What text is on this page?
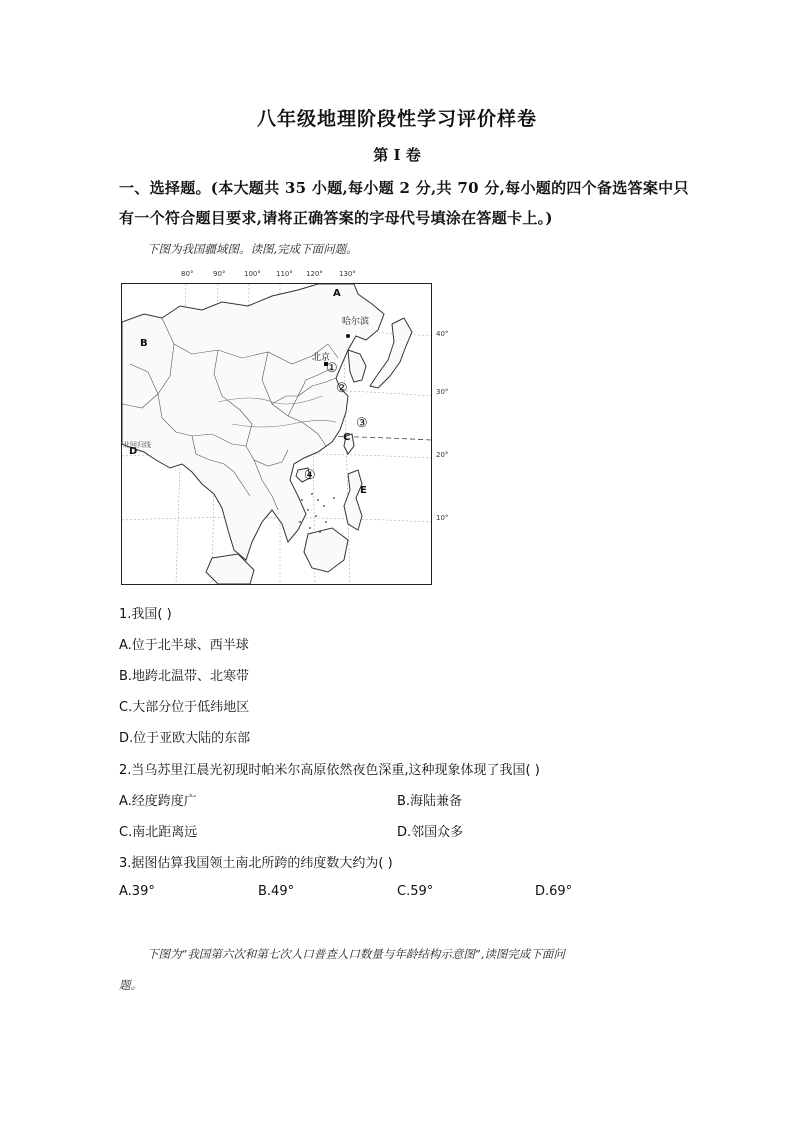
八年级地理阶段性学习评价样卷
第 I 卷
一、选择题。(本大题共 35 小题,每小题 2 分,共 70 分,每小题的四个备选答案中只
有一个符合题目要求,请将正确答案的字母代号填涂在答题卡上。)
下图为我国疆域图。读图,完成下面问题。
80°	90°	100° 110° 120° 130°
40°
30°
20°
10°
哈尔滨
北京
北回归线
A
B
C
D
E
①
②
③
④
1.我国( )
A.位于北半球、西半球
B.地跨北温带、北寒带
C.大部分位于低纬地区
D.位于亚欧大陆的东部
2.当乌苏里江晨光初现时帕米尔高原依然夜色深重,这种现象体现了我国( )
A.经度跨度广	B.海陆兼备
C.南北距离远	D.邻国众多
3.据图估算我国领土南北所跨的纬度数大约为( )
A.39°	B.49°	C.59°	D.69°
下图为“我国第六次和第七次人口普查人口数量与年龄结构示意图”,读图完成下面问
题。
